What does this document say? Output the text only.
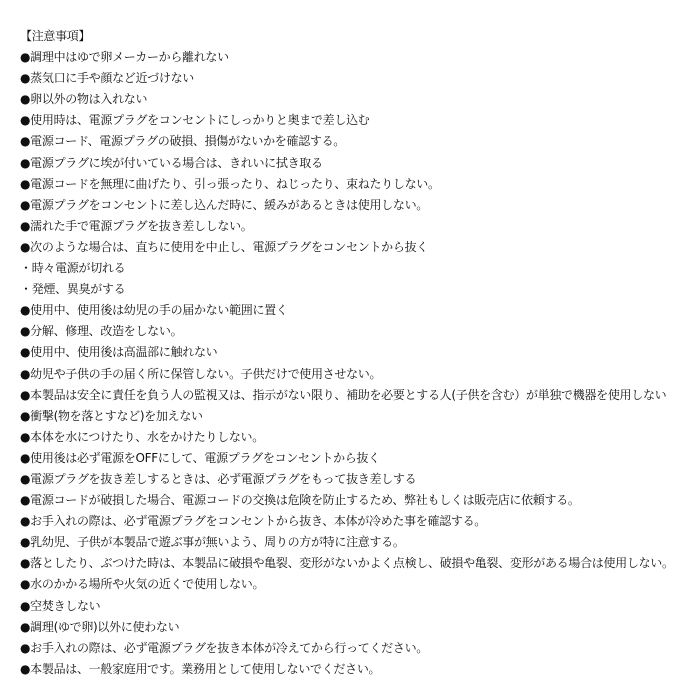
【注意事項】
●調理中はゆで卵メーカーから離れない
●蒸気口に手や顔など近づけない
●卵以外の物は入れない
●使用時は、電源プラグをコンセントにしっかりと奥まで差し込む
●電源コード、電源プラグの破損、損傷がないかを確認する。
●電源プラグに埃が付いている場合は、きれいに拭き取る
●電源コードを無理に曲げたり、引っ張ったり、ねじったり、束ねたりしない。
●電源プラグをコンセントに差し込んだ時に、緩みがあるときは使用しない。
●濡れた手で電源プラグを抜き差ししない。
●次のような場合は、直ちに使用を中止し、電源プラグをコンセントから抜く
・時々電源が切れる
・発煙、異臭がする
●使用中、使用後は幼児の手の届かない範囲に置く
●分解、修理、改造をしない。
●使用中、使用後は高温部に触れない
●幼児や子供の手の届く所に保管しない。子供だけで使用させない。
●本製品は安全に責任を負う人の監視又は、指示がない限り、補助を必要とする人(子供を含む）が単独で機器を使用しない
●衝撃(物を落とすなど)を加えない
●本体を水につけたり、水をかけたりしない。
●使用後は必ず電源をOFFにして、電源プラグをコンセントから抜く
●電源プラグを抜き差しするときは、必ず電源プラグをもって抜き差しする
●電源コードが破損した場合、電源コードの交換は危険を防止するため、弊社もしくは販売店に依頼する。
●お手入れの際は、必ず電源プラグをコンセントから抜き、本体が冷めた事を確認する。
●乳幼児、子供が本製品で遊ぶ事が無いよう、周りの方が特に注意する。
●落としたり、ぶつけた時は、本製品に破損や亀裂、変形がないかよく点検し、破損や亀裂、変形がある場合は使用しない。
●水のかかる場所や火気の近くで使用しない。
●空焚きしない
●調理(ゆで卵)以外に使わない
●お手入れの際は、必ず電源プラグを抜き本体が冷えてから行ってください。
●本製品は、一般家庭用です。業務用として使用しないでください。
